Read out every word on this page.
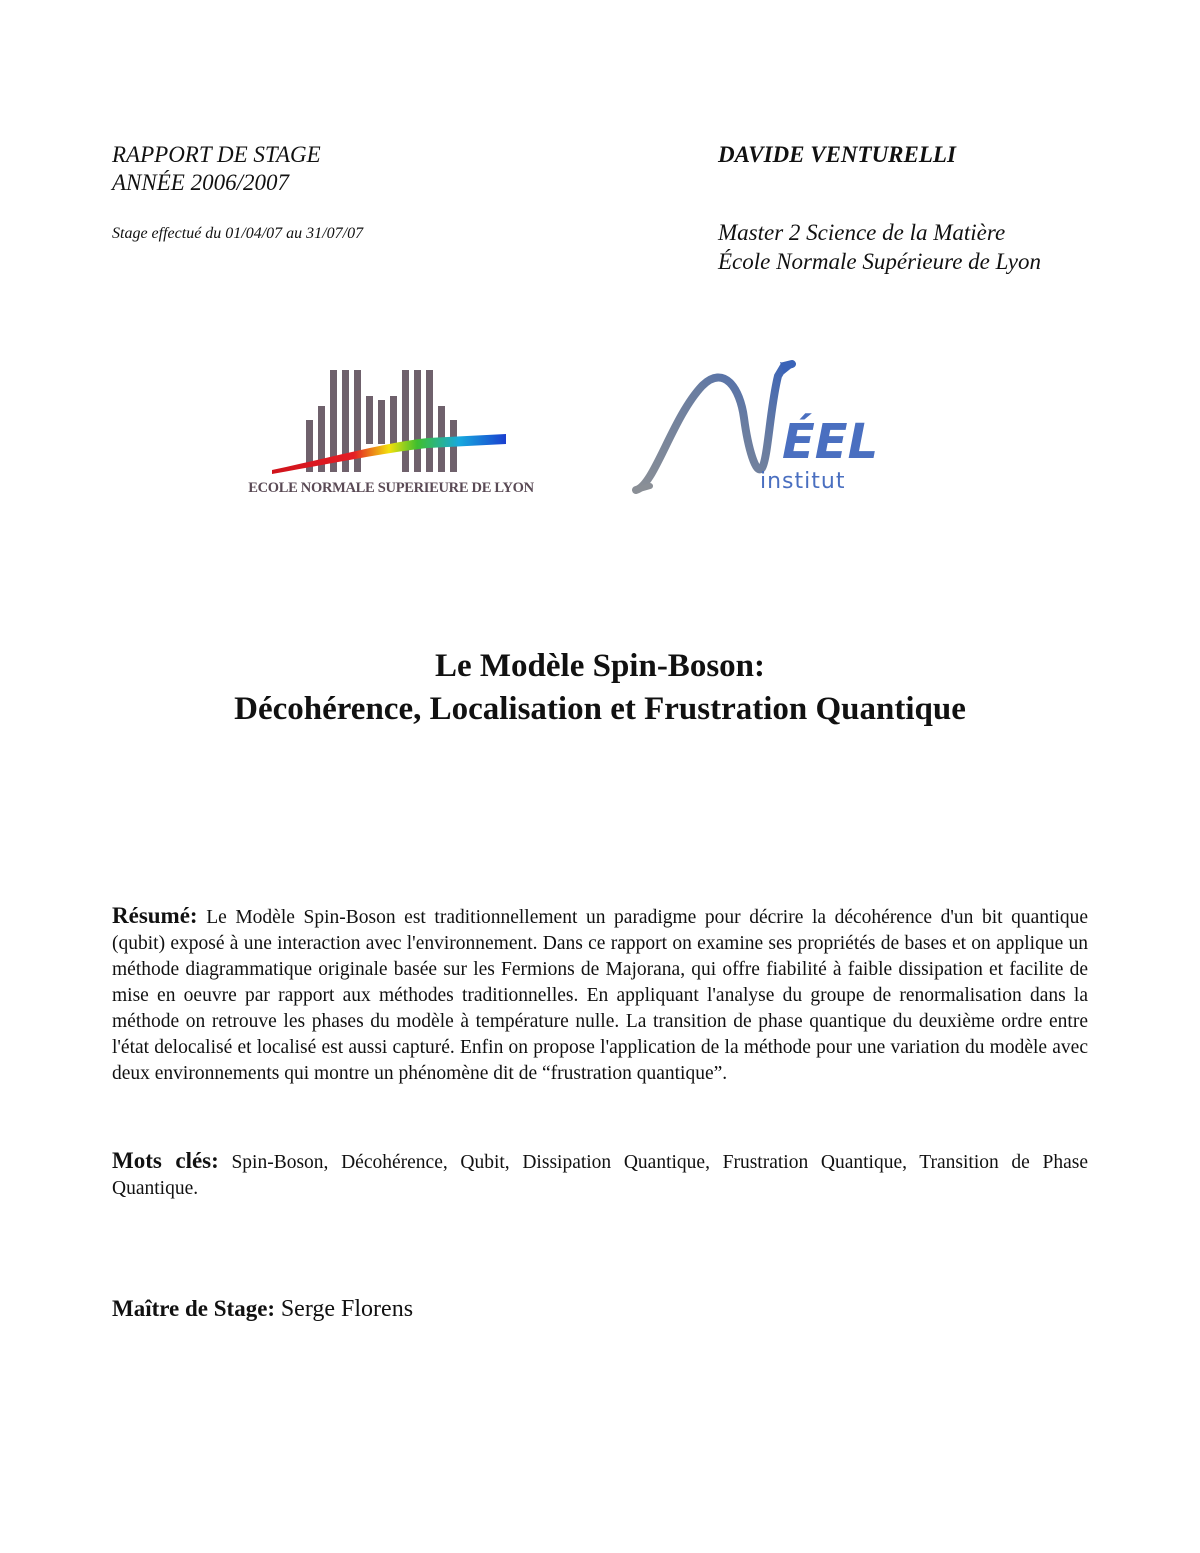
RAPPORT DE STAGE
ANNÉE 2006/2007
Stage effectué du 01/04/07 au 31/07/07
DAVIDE VENTURELLI
Master 2 Science de la Matière
École Normale Supérieure de Lyon
ECOLE NORMALE SUPERIEURE DE LYON
ÉEL
institut
Le Modèle Spin-Boson:
Décohérence, Localisation et Frustration Quantique
Résumé: Le Modèle Spin-Boson est traditionnellement un paradigme pour décrire la décohérence d'un bit quantique (qubit) exposé à une interaction avec l'environnement. Dans ce rapport on examine ses propriétés de bases et on applique un méthode diagrammatique originale basée sur les Fermions de Majorana, qui offre fiabilité à faible dissipation et facilite de mise en oeuvre par rapport aux méthodes traditionnelles. En appliquant l'analyse du groupe de renormalisation dans la méthode on retrouve les phases du modèle à température nulle. La transition de phase quantique du deuxième ordre entre l'état delocalisé et localisé est aussi capturé. Enfin on propose l'application de la méthode pour une variation du modèle avec deux environnements qui montre un phénomène dit de “frustration quantique”.
Mots clés: Spin-Boson, Décohérence, Qubit, Dissipation Quantique, Frustration Quantique, Transition de Phase Quantique.
Maître de Stage: Serge Florens
